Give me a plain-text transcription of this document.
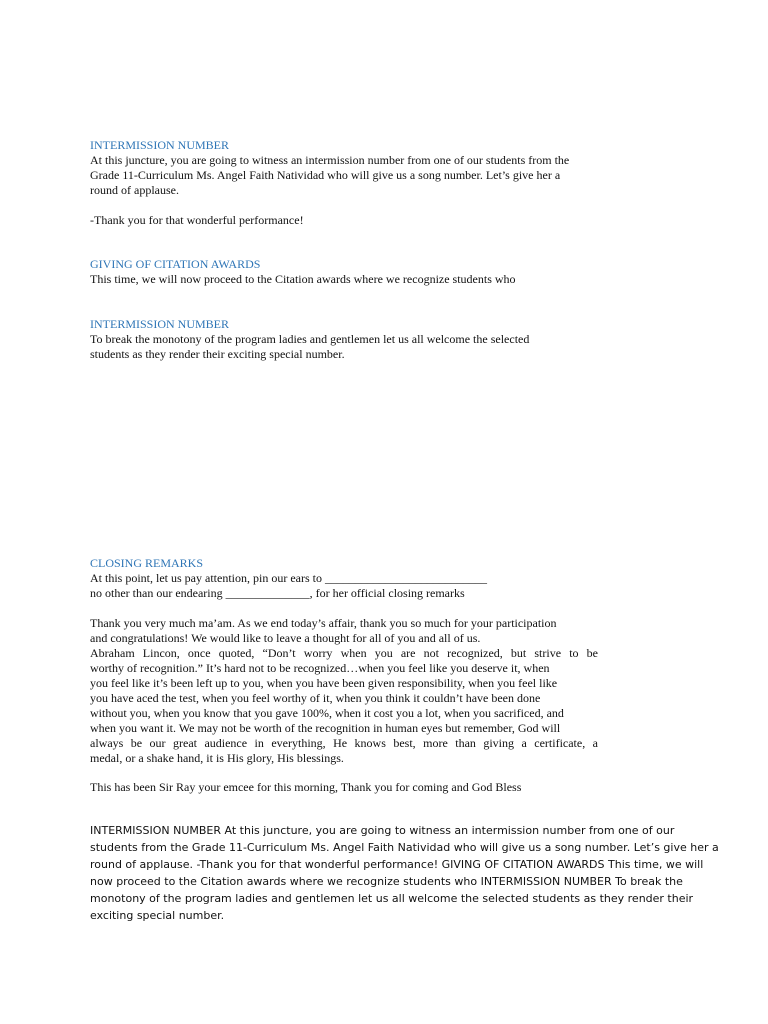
INTERMISSION NUMBER

At this juncture, you are going to witness an intermission number from one of our students from the

Grade 11-Curriculum Ms. Angel Faith Natividad who will give us a song number. Let’s give her a

round of applause.

-Thank you for that wonderful performance!

GIVING OF CITATION AWARDS

This time, we will now proceed to the Citation awards where we recognize students who

INTERMISSION NUMBER

To break the monotony of the program ladies and gentlemen let us all welcome the selected

students as they render their exciting special number.

CLOSING REMARKS

At this point, let us pay attention, pin our ears to ___________________________

no other than our endearing ______________, for her official closing remarks

Thank you very much ma’am. As we end today’s affair, thank you so much for your participation

and congratulations! We would like to leave a thought for all of you and all of us.

Abraham Lincon, once quoted, “Don’t worry when you are not recognized, but strive to be

worthy of recognition.” It’s hard not to be recognized…when you feel like you deserve it, when

you feel like it’s been left up to you, when you have been given responsibility, when you feel like

you have aced the test, when you feel worthy of it, when you think it couldn’t have been done

without you, when you know that you gave 100%, when it cost you a lot, when you sacrificed, and

when you want it. We may not be worth of the recognition in human eyes but remember, God will

always be our great audience in everything, He knows best, more than giving a certificate, a

medal, or a shake hand, it is His glory, His blessings.

This has been Sir Ray your emcee for this morning, Thank you for coming and God Bless

INTERMISSION NUMBER At this juncture, you are going to witness an intermission number from one of our
students from the Grade 11-Curriculum Ms. Angel Faith Natividad who will give us a song number. Let’s give her a
round of applause. -Thank you for that wonderful performance! GIVING OF CITATION AWARDS This time, we will
now proceed to the Citation awards where we recognize students who INTERMISSION NUMBER To break the
monotony of the program ladies and gentlemen let us all welcome the selected students as they render their
exciting special number.
